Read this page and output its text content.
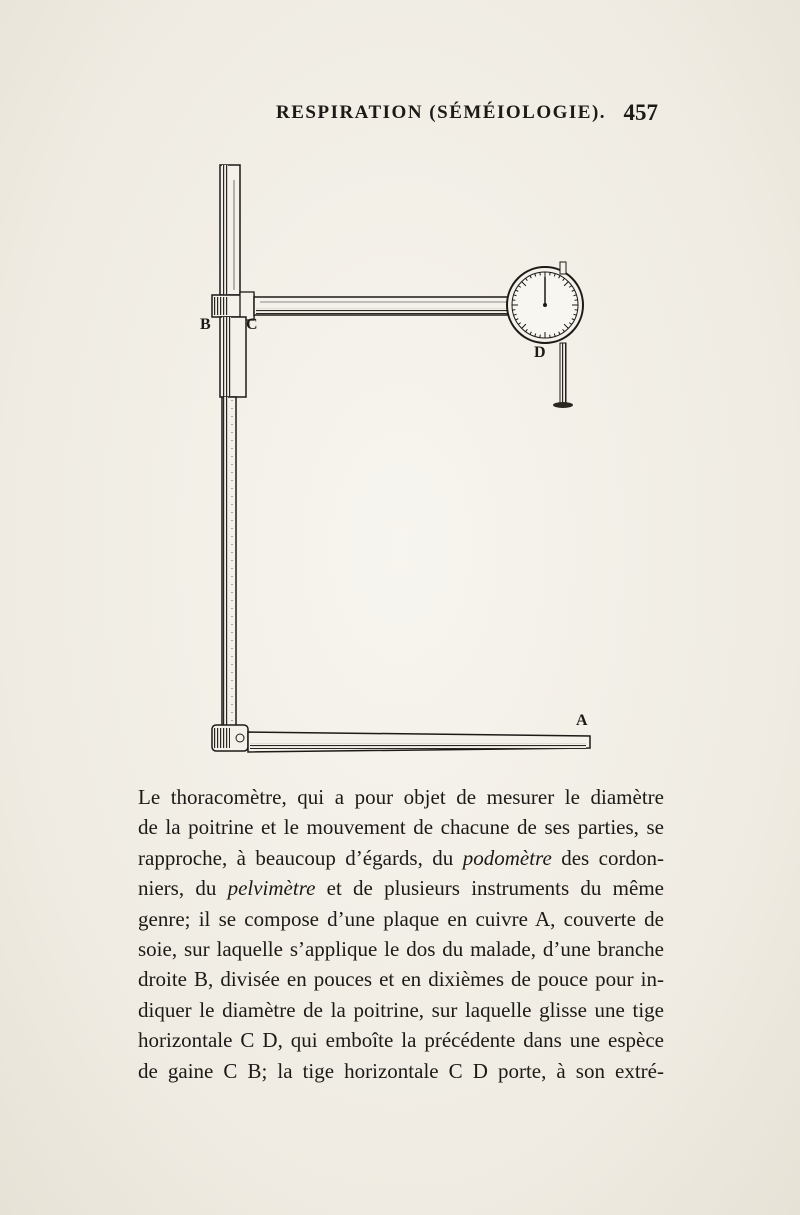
RESPIRATION (SÉMÉIOLOGIE). 457
B C
D
A
Le thoracomètre, qui a pour objet de mesurer le diamètre
de la poitrine et le mouvement de chacune de ses parties, se
rapproche, à beaucoup d’égards, du podomètre des cordon-
niers, du pelvimètre et de plusieurs instruments du même
genre; il se compose d’une plaque en cuivre A, couverte de
soie, sur laquelle s’applique le dos du malade, d’une branche
droite B, divisée en pouces et en dixièmes de pouce pour in-
diquer le diamètre de la poitrine, sur laquelle glisse une tige
horizontale C D, qui emboîte la précédente dans une espèce
de gaine C B; la tige horizontale C D porte, à son extré-
